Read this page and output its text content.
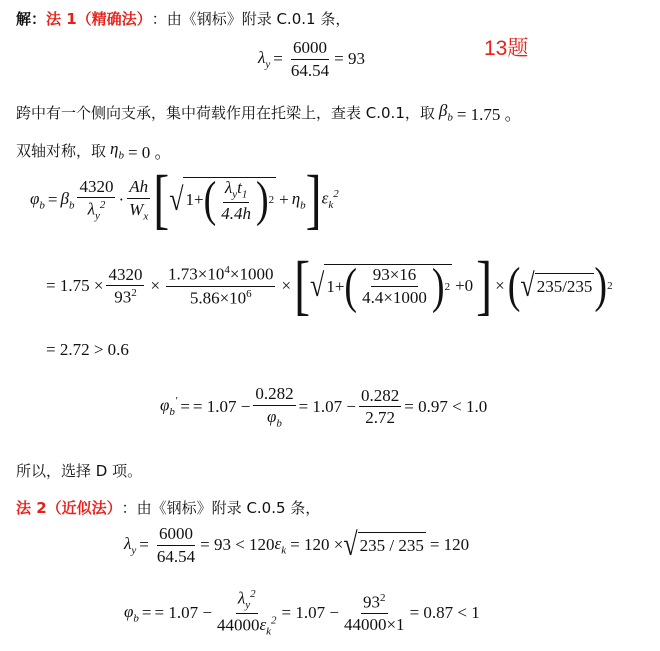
13题
解： 法 1（精确法） ：由《钢标》附录 C.0.1 条，
$\lambda_y = \frac{6000}{64.54} = 93$
跨中有一个侧向支承，集中荷载作用在托梁上，查表 C.0.1，取 $\beta_b = 1.75$ 。
双轴对称，取 $\eta_b = 0$ 。
$\varphi_b = \beta_b \frac{4320}{\lambda_y^2} \cdot \frac{Ah}{W_x}$ [ √ 1+ ( $\frac{\lambda_yt_1}{4.4h}$ ) $2 + \eta_b$ ] $\varepsilon_k^2$
= $1.75 \times \frac{4320}{93^2} \times \frac{1.73\times 10^4\times 1000}{5.86\times 10^6}$ × [ √ 1+ ( $\frac{93\times 16}{4.4\times 1000}$ ) 2 +0 ] × ( √ 235/235 ) 2
= 2.72 > 0.6
$\varphi_b'$ = = $1.07 - \frac{0.282}{\varphi_b} = 1.07 - \frac{0.282}{2.72} = 0.97 < 1.0$
所以，选择 D 项。
法 2（近似法） ：由《钢标》附录 C.0.5 条，
$\lambda_y = \frac{6000}{64.54} = 93 < 120$ $\varepsilon_k = 120$ × √ 235 / 235 = 120
$\varphi_b$ = = $1.07 - \frac{\lambda_y^2}{44000\varepsilon_k^2} = 1.07 - \frac{93^2}{44000\times 1} = 0.87 < 1$
